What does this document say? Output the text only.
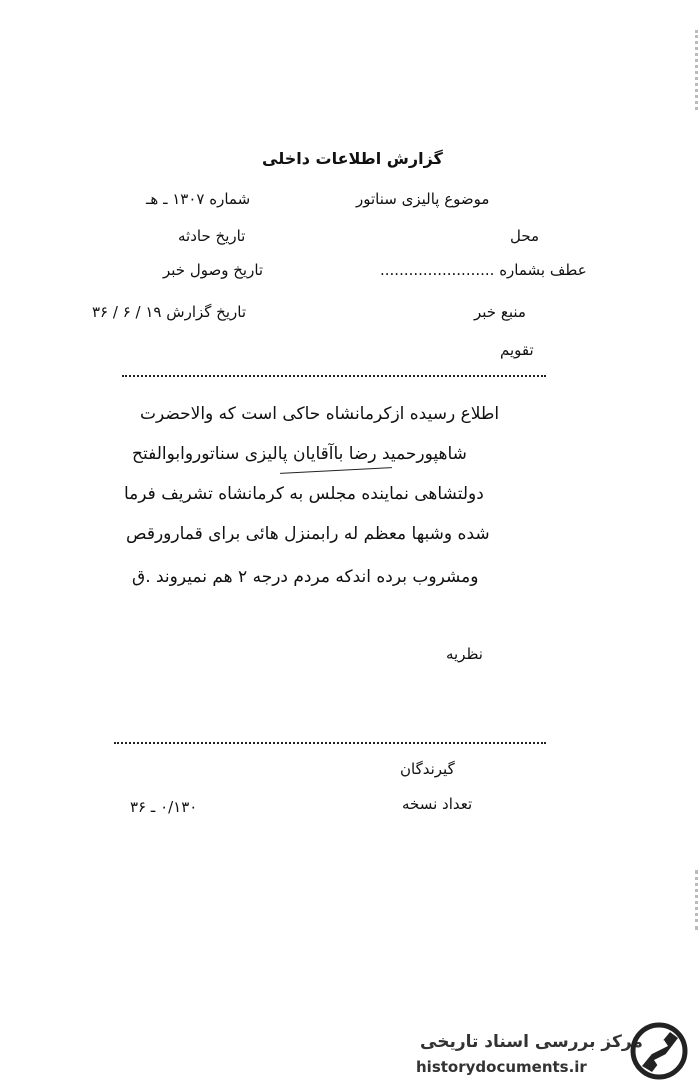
گزارش اطلاعات داخلی
موضوع پالیزی سناتور
شماره ۱۳۰۷ ـ هـ
محل
تاریخ حادثه
عطف بشماره ........................
تاریخ وصول خبر
منبع خبر
تاریخ گزارش ۱۹ / ۶ / ۳۶
تقویم
اطلاع رسیده ازکرمانشاه حاکی است که والاحضرت
شاهپورحمید رضا باآقایان پالیزی سناتوروابوالفتح
دولتشاهی نماینده مجلس به کرمانشاه تشریف فرما
شده وشبها معظم له رابمنزل هائی برای قمارورقص
ومشروب برده اندکه مردم درجه ۲ هم نمیروند .ق
نظریه
گیرندگان
تعداد نسخه
۰/۱۳۰ ـ ۳۶
مرکز بررسی اسناد تاریخی
historydocuments.ir
